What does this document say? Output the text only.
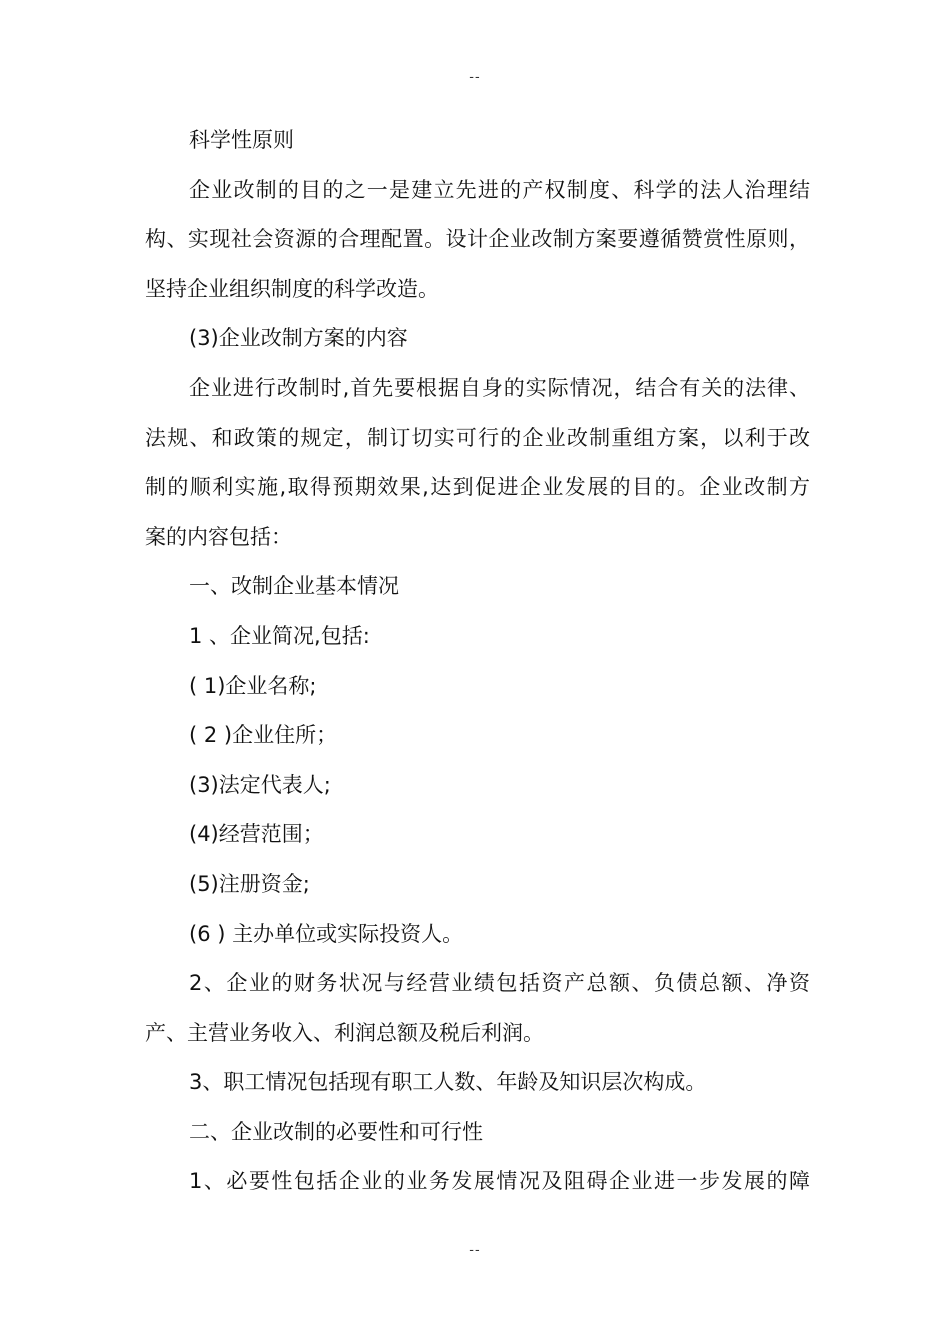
--
科学性原则
企业改制的目的之一是建立先进的产权制度、科学的法人治理结
构、实现社会资源的合理配置。设计企业改制方案要遵循赞赏性原则，
坚持企业组织制度的科学改造。
(3)企业改制方案的内容
企业进行改制时,首先要根据自身的实际情况，结合有关的法律、
法规、和政策的规定，制订切实可行的企业改制重组方案，以利于改
制的顺利实施,取得预期效果,达到促进企业发展的目的。企业改制方
案的内容包括：
一、改制企业基本情况
1 、企业简况,包括:
( 1)企业名称;
( 2 )企业住所；
(3)法定代表人;
(4)经营范围；
(5)注册资金;
(6 ) 主办单位或实际投资人。
2、企业的财务状况与经营业绩包括资产总额、负债总额、净资
产、主营业务收入、利润总额及税后利润。
3、职工情况包括现有职工人数、年龄及知识层次构成。
二、企业改制的必要性和可行性
1、必要性包括企业的业务发展情况及阻碍企业进一步发展的障
--
